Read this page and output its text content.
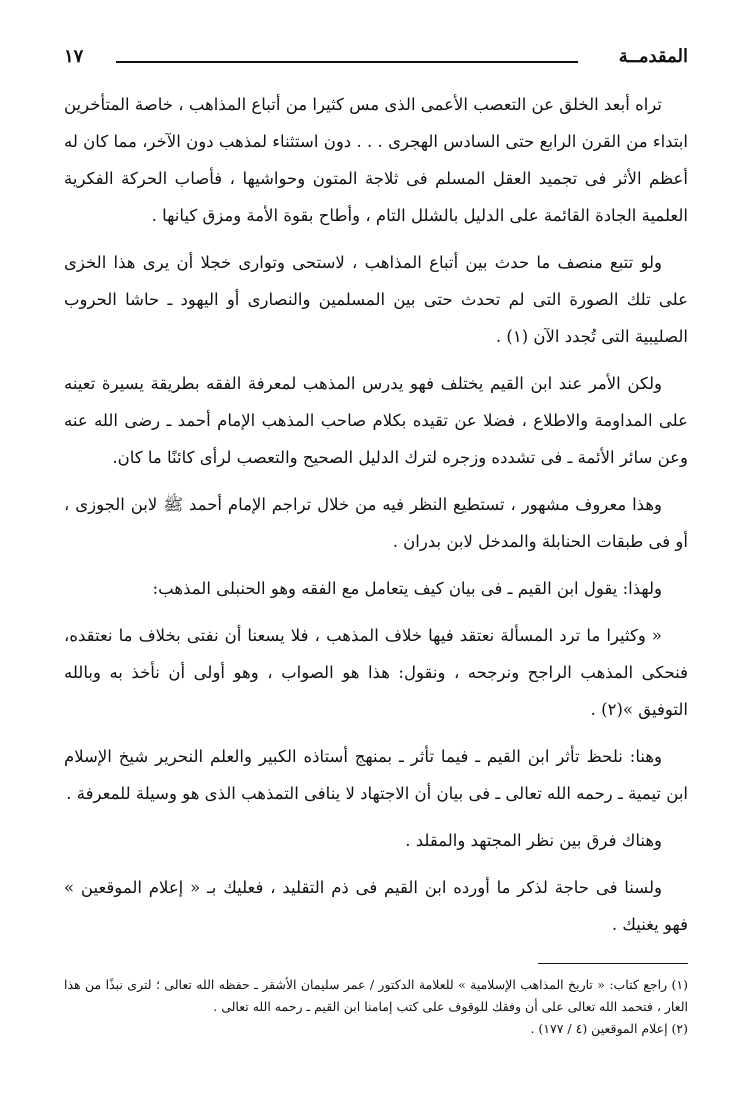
المقدمــة
١٧

تراه أبعد الخلق عن التعصب الأعمى الذى مس كثيرا من أتباع المذاهب ، خاصة المتأخرين ابتداء من القرن الرابع حتى السادس الهجرى . . . دون استثناء لمذهب دون الآخر، مما كان له أعظم الأثر فى تجميد العقل المسلم فى ثلاجة المتون وحواشيها ، فأصاب الحركة الفكرية العلمية الجادة القائمة على الدليل بالشلل التام ، وأطاح بقوة الأمة ومزق كيانها .

ولو تتبع منصف ما حدث بين أتباع المذاهب ، لاستحى وتوارى خجلا أن يرى هذا الخزى على تلك الصورة التى لم تحدث حتى بين المسلمين والنصارى أو اليهود ـ حاشا الحروب الصليبية التى تُجدد الآن (١) .

ولكن الأمر عند ابن القيم يختلف فهو يدرس المذهب لمعرفة الفقه بطريقة يسيرة تعينه على المداومة والاطلاع ، فضلا عن تقيده بكلام صاحب المذهب الإمام أحمد ـ رضى الله عنه وعن سائر الأئمة ـ فى تشدده وزجره لترك الدليل الصحيح والتعصب لرأى كائنًا ما كان.

وهذا معروف مشهور ، تستطيع النظر فيه من خلال تراجم الإمام أحمد ﷺ لابن الجوزى ، أو فى طبقات الحنابلة والمدخل لابن بدران .

ولهذا: يقول ابن القيم ـ فى بيان كيف يتعامل مع الفقه وهو الحنبلى المذهب:

« وكثيرا ما ترد المسألة نعتقد فيها خلاف المذهب ، فلا يسعنا أن نفتى بخلاف ما نعتقده، فنحكى المذهب الراجح ونرجحه ، ونقول: هذا هو الصواب ، وهو أولى أن نأخذ به وبالله التوفيق »(٢) .

وهنا: نلحظ تأثر ابن القيم ـ فيما تأثر ـ بمنهج أستاذه الكبير والعلم النحرير شيخ الإسلام ابن تيمية ـ رحمه الله تعالى ـ فى بيان أن الاجتهاد لا ينافى التمذهب الذى هو وسيلة للمعرفة .

وهناك فرق بين نظر المجتهد والمقلد .

ولسنا فى حاجة لذكر ما أورده ابن القيم فى ذم التقليد ، فعليك بـ « إعلام الموقعين » فهو يغنيك .

(١) راجع كتاب: « تاريخ المذاهب الإسلامية » للعلامة الدكتور / عمر سليمان الأشقر ـ حفظه الله تعالى ؛ لترى نبذًا من هذا العار ، فتحمد الله تعالى على أن وفقك للوقوف على كتب إمامنا ابن القيم ـ رحمه الله تعالى .

(٢) إعلام الموقعين (٤ / ١٧٧) .
